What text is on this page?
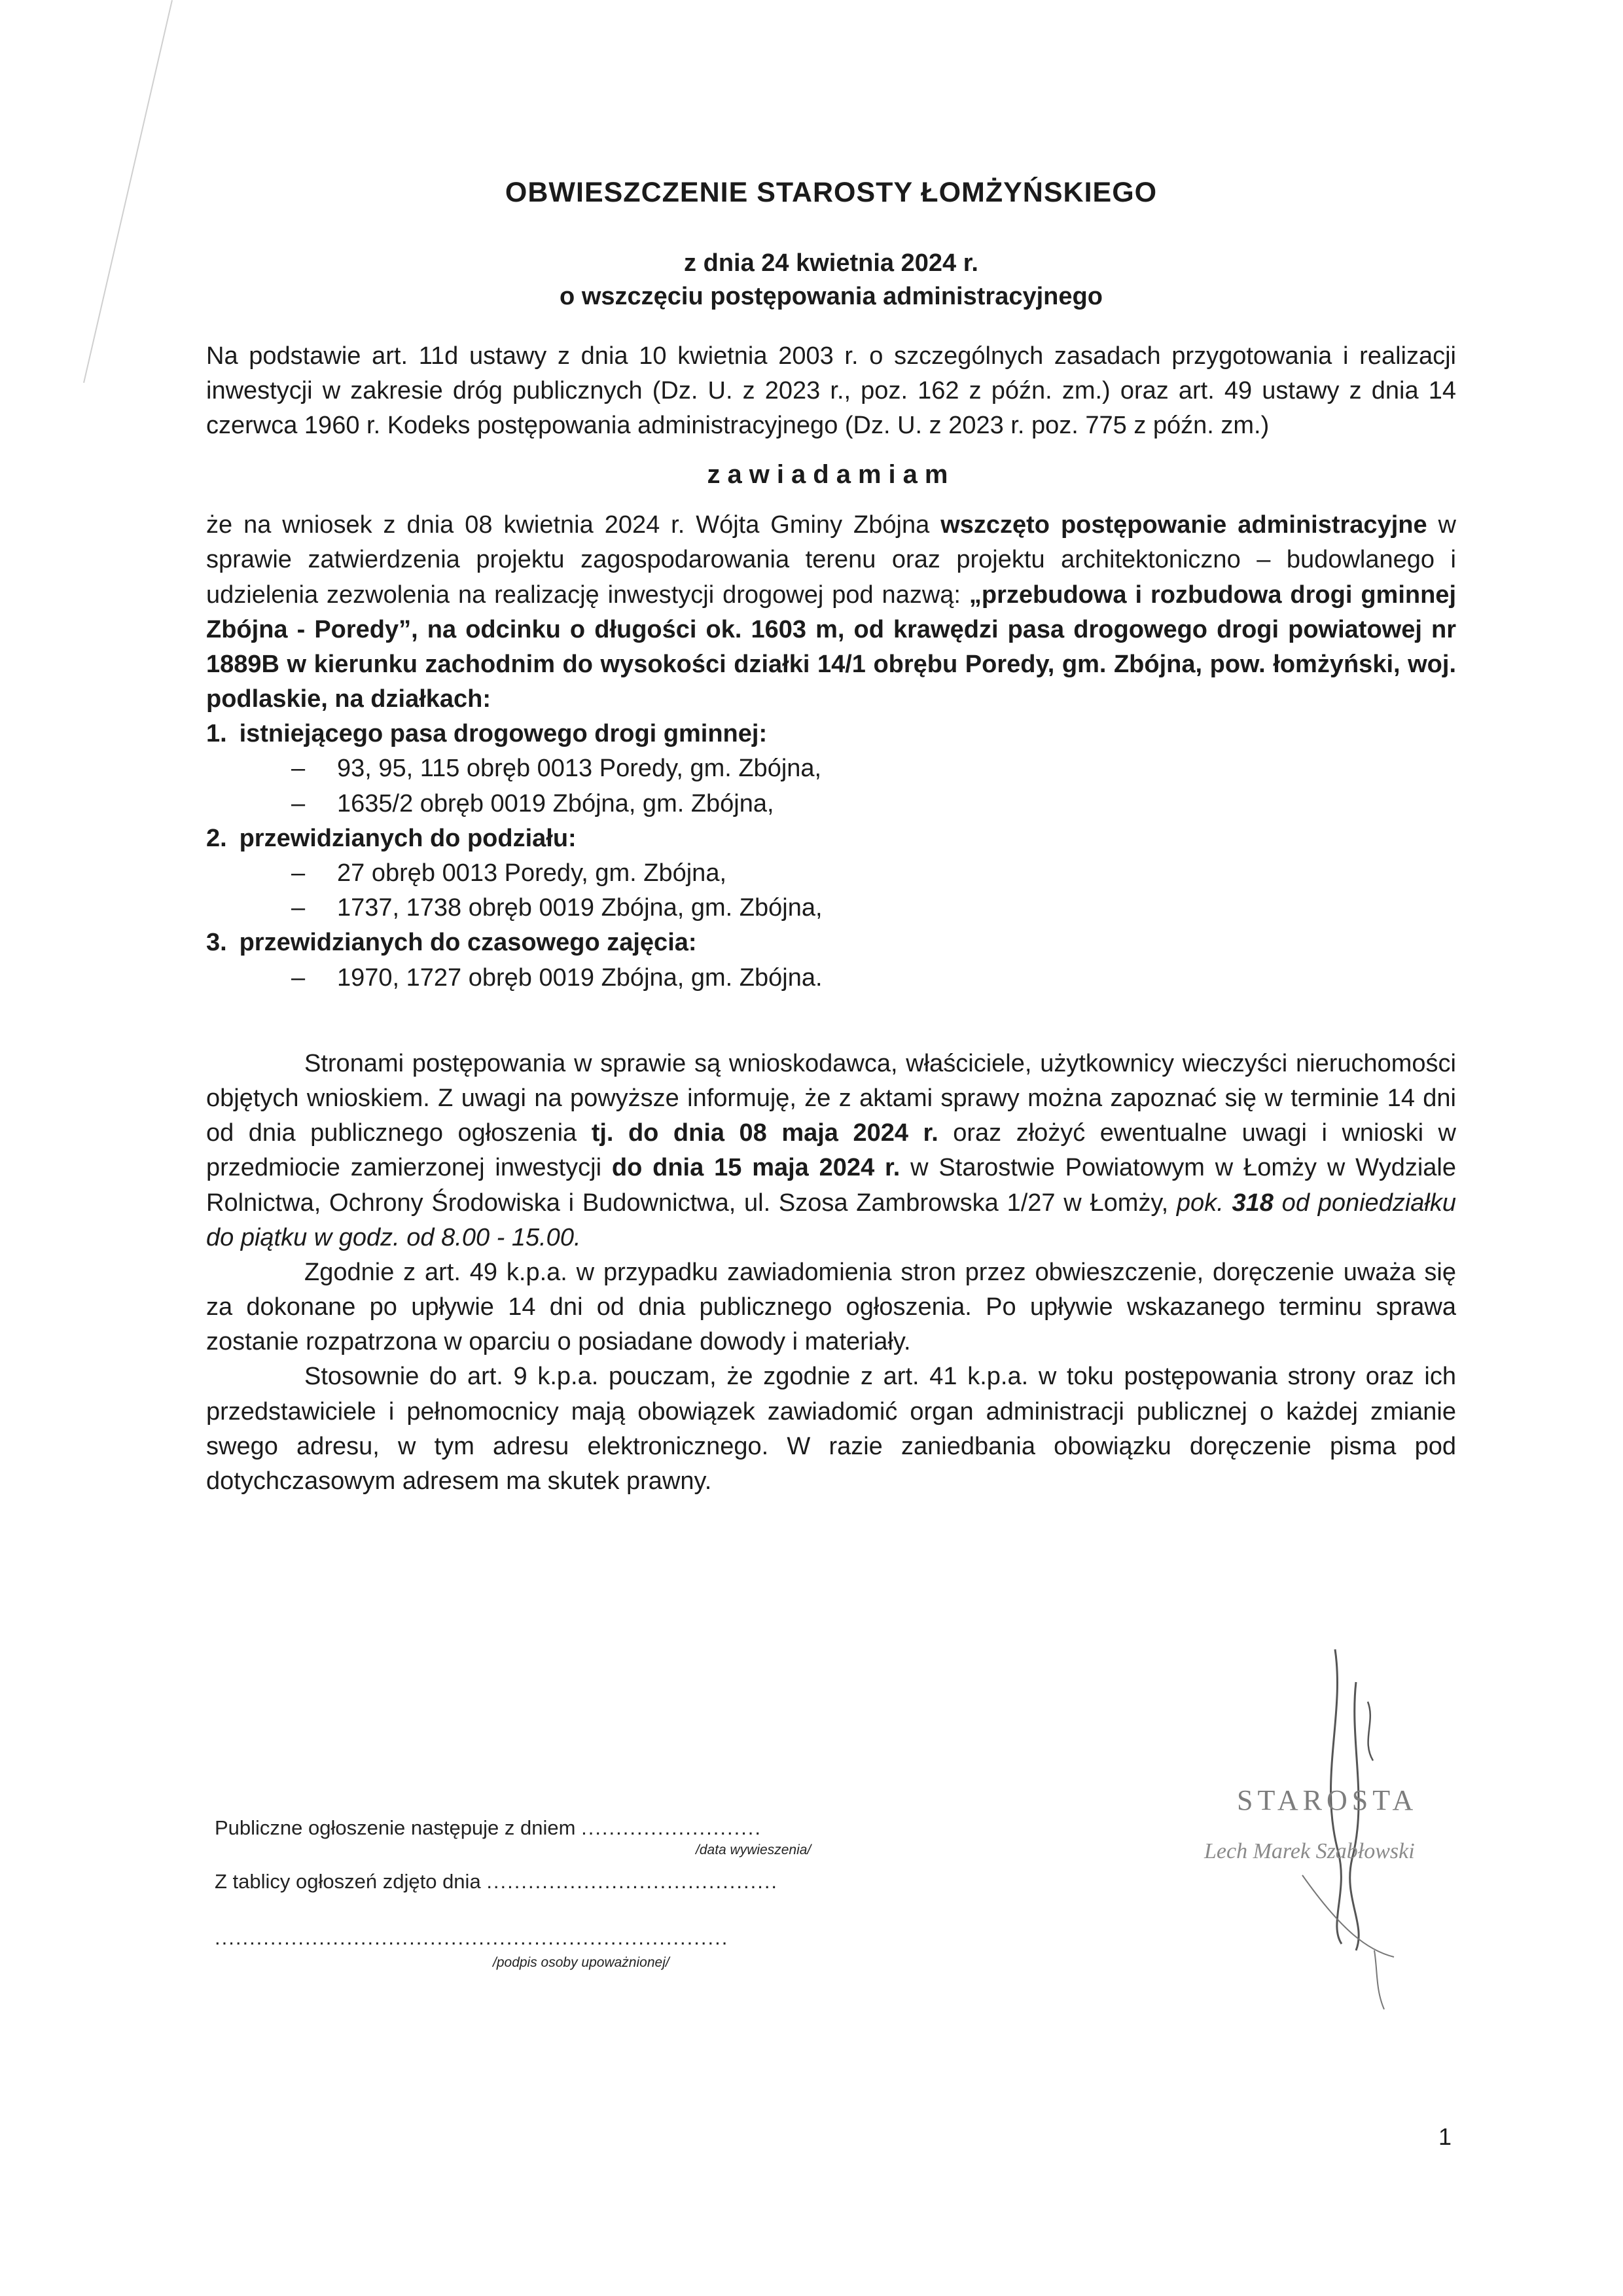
OBWIESZCZENIE STAROSTY ŁOMŻYŃSKIEGO

z dnia 24 kwietnia 2024 r.

o wszczęciu postępowania administracyjnego

Na podstawie art. 11d ustawy z dnia 10 kwietnia 2003 r. o szczególnych zasadach przygotowania i realizacji inwestycji w zakresie dróg publicznych (Dz. U. z 2023 r., poz. 162 z późn. zm.) oraz art. 49 ustawy z dnia 14 czerwca 1960 r. Kodeks postępowania administracyjnego (Dz. U. z 2023 r. poz. 775 z późn. zm.)

zawiadamiam

że na wniosek z dnia 08 kwietnia 2024 r. Wójta Gminy Zbójna wszczęto postępowanie administracyjne w sprawie zatwierdzenia projektu zagospodarowania terenu oraz projektu architektoniczno – budowlanego i udzielenia zezwolenia na realizację inwestycji drogowej pod nazwą: „przebudowa i rozbudowa drogi gminnej Zbójna - Poredy”, na odcinku o długości ok. 1603 m, od krawędzi pasa drogowego drogi powiatowej nr 1889B w kierunku zachodnim do wysokości działki 14/1 obrębu Poredy, gm. Zbójna, pow. łomżyński, woj. podlaskie, na działkach:

1. istniejącego pasa drogowego drogi gminnej:
– 93, 95, 115 obręb 0013 Poredy, gm. Zbójna,
– 1635/2 obręb 0019 Zbójna, gm. Zbójna,
2. przewidzianych do podziału:
– 27 obręb 0013 Poredy, gm. Zbójna,
– 1737, 1738 obręb 0019 Zbójna, gm. Zbójna,
3. przewidzianych do czasowego zajęcia:
– 1970, 1727 obręb 0019 Zbójna, gm. Zbójna.

Stronami postępowania w sprawie są wnioskodawca, właściciele, użytkownicy wieczyści nieruchomości objętych wnioskiem. Z uwagi na powyższe informuję, że z aktami sprawy można zapoznać się w terminie 14 dni od dnia publicznego ogłoszenia tj. do dnia 08 maja 2024 r. oraz złożyć ewentualne uwagi i wnioski w przedmiocie zamierzonej inwestycji do dnia 15 maja 2024 r. w Starostwie Powiatowym w Łomży w Wydziale Rolnictwa, Ochrony Środowiska i Budownictwa, ul. Szosa Zambrowska 1/27 w Łomży, pok. 318 od poniedziałku do piątku w godz. od 8.00 - 15.00.

Zgodnie z art. 49 k.p.a. w przypadku zawiadomienia stron przez obwieszczenie, doręczenie uważa się za dokonane po upływie 14 dni od dnia publicznego ogłoszenia. Po upływie wskazanego terminu sprawa zostanie rozpatrzona w oparciu o posiadane dowody i materiały.

Stosownie do art. 9 k.p.a. pouczam, że zgodnie z art. 41 k.p.a. w toku postępowania strony oraz ich przedstawiciele i pełnomocnicy mają obowiązek zawiadomić organ administracji publicznej o każdej zmianie swego adresu, w tym adresu elektronicznego. W razie zaniedbania obowiązku doręczenie pisma pod dotychczasowym adresem ma skutek prawny.

STAROSTA
Lech Marek Szabłowski
Publiczne ogłoszenie następuje z dniem ..........................
/data wywieszenia/
Z tablicy ogłoszeń zdjęto dnia ..........................................
..........................................................................
/podpis osoby upoważnionej/
1
